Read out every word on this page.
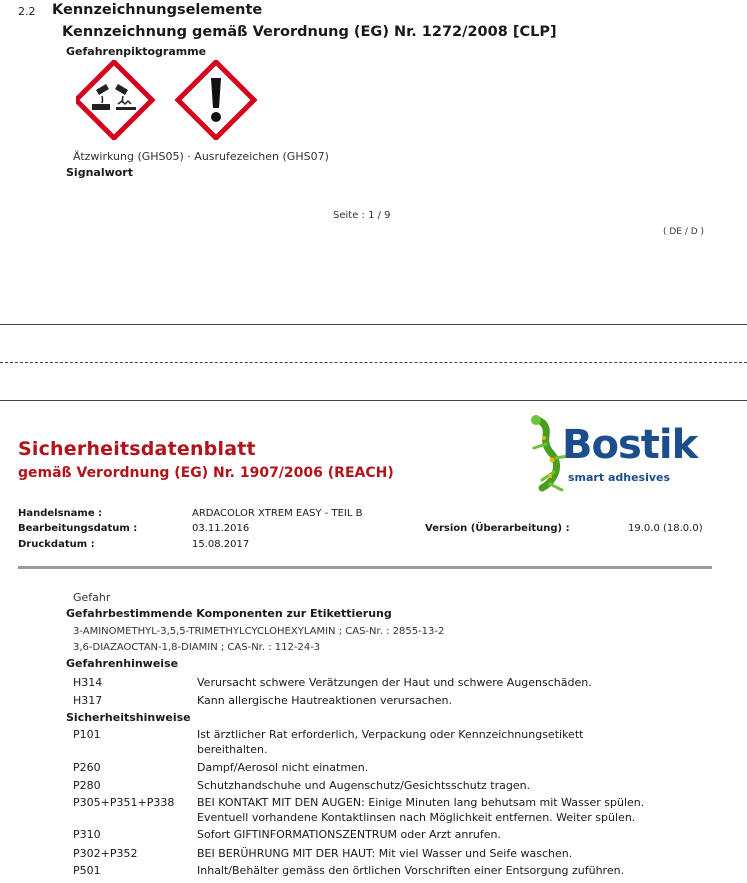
2.2 Kennzeichnungselemente
Kennzeichnung gemäß Verordnung (EG) Nr. 1272/2008 [CLP]
Gefahrenpiktogramme
Ätzwirkung (GHS05) · Ausrufezeichen (GHS07)
Signalwort
Seite : 1 / 9
( DE / D )
Sicherheitsdatenblatt
gemäß Verordnung (EG) Nr. 1907/2006 (REACH)
Bostik
smart adhesives
Handelsname :	ARDACOLOR XTREM EASY - TEIL B
Bearbeitungsdatum :	03.11.2016	Version (Überarbeitung) :	19.0.0 (18.0.0)
Druckdatum :	15.08.2017
Gefahr
Gefahrbestimmende Komponenten zur Etikettierung
3-AMINOMETHYL-3,5,5-TRIMETHYLCYCLOHEXYLAMIN ; CAS-Nr. : 2855-13-2
3,6-DIAZAOCTAN-1,8-DIAMIN ; CAS-Nr. : 112-24-3
Gefahrenhinweise
H314	Verursacht schwere Verätzungen der Haut und schwere Augenschäden.
H317	Kann allergische Hautreaktionen verursachen.
Sicherheitshinweise
P101	Ist ärztlicher Rat erforderlich, Verpackung oder Kennzeichnungsetikett
bereithalten.
P260	Dampf/Aerosol nicht einatmen.
P280	Schutzhandschuhe und Augenschutz/Gesichtsschutz tragen.
P305+P351+P338 BEI KONTAKT MIT DEN AUGEN: Einige Minuten lang behutsam mit Wasser spülen.
Eventuell vorhandene Kontaktlinsen nach Möglichkeit entfernen. Weiter spülen.
P310	Sofort GIFTINFORMATIONSZENTRUM oder Arzt anrufen.
P302+P352	BEI BERÜHRUNG MIT DER HAUT: Mit viel Wasser und Seife waschen.
P501	Inhalt/Behälter gemäss den örtlichen Vorschriften einer Entsorgung zuführen.
